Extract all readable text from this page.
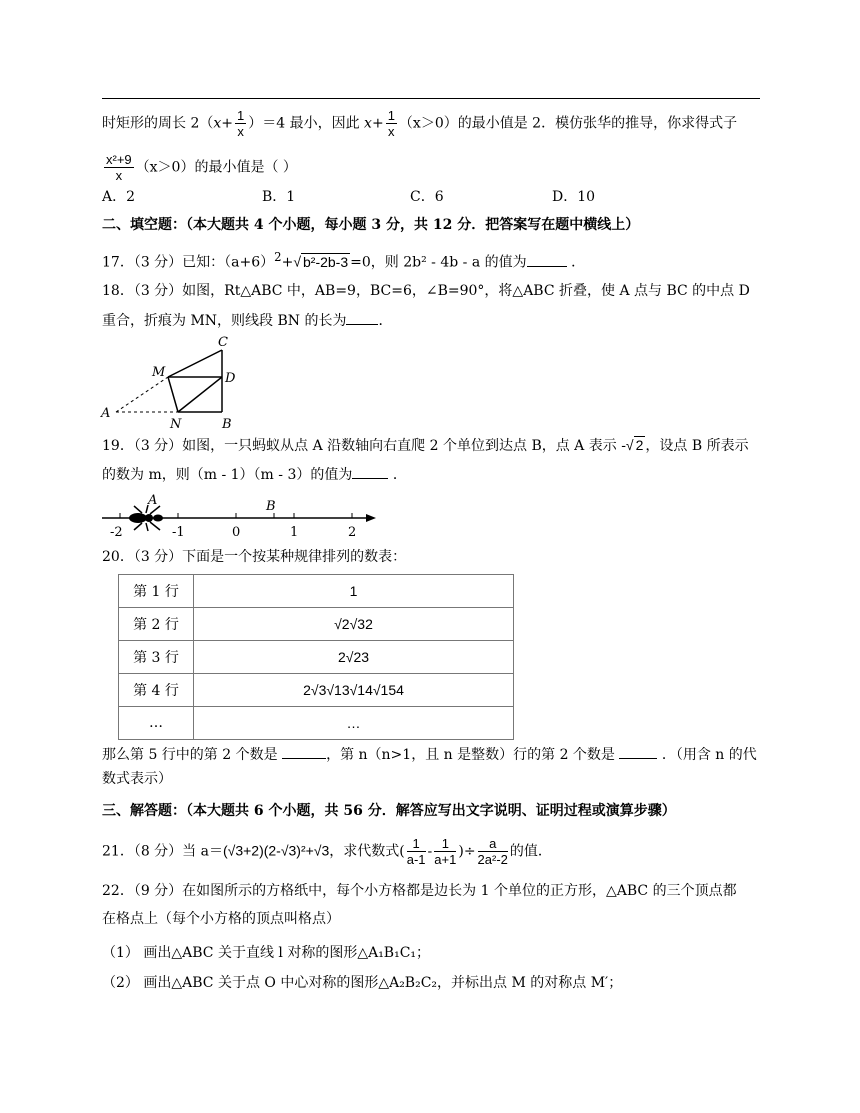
时矩形的周长 $2(x+ \frac{1}{x} )=4$ 最小，因此 $x+ \frac{1}{x} (x>0)$的最小值是 2．模仿张华的推导，你求得式子
$\frac{\text{x²+9}}{x} (x>0)$的最小值是（ ）
A．2	B．1	C．6	D．10
二、填空题：（本大题共 4 个小题，每小题 3 分，共 12 分．把答案写在题中横线上）
17．（3 分）已知：$(a+6)^2+√$ b²-2b-3 =0，则 2b² - 4b - a 的值为	．
18．（3 分）如图，Rt△ABC 中，AB=9，BC=6，∠B=90°，将△ABC 折叠，使 A 点与 BC 的中点 D
重合，折痕为 MN，则线段 BN 的长为 ．
C
M	D
A
N	B
19．（3 分）如图，一只蚂蚁从点 A 沿数轴向右直爬 2 个单位到达点 B，点 A 表示 -√ 2 ，设点 B 所表示
的数为 m，则（m - 1）（m - 3）的值为	．
A	B
-2	-1	0	1	2
20．（3 分）下面是一个按某种规律排列的数表：
第 1 行	1
第 2 行	√2√32
第 3 行	2√23
第 4 行	2√3√13√14√154
…	…
那么第 5 行中的第 2 个数是	，第 n（n>1，且 n 是整数）行的第 2 个数是	．（用含 n 的代
数式表示）
三、解答题：（本大题共 6 个小题，共 56 分．解答应写出文字说明、证明过程或演算步骤）
21．（8 分）当 a＝(√3+2)(2-√3)²+√3，求代数式( $\frac{1}{a-1} - \frac{1}{a+1}$ )÷ $\frac{a}{\text{2a²-2}}$ 的值．
22．（9 分）在如图所示的方格纸中，每个小方格都是边长为 1 个单位的正方形，△ABC 的三个顶点都
在格点上（每个小方格的顶点叫格点）
（1） 画出△ABC 关于直线 l 对称的图形△A₁B₁C₁；
（2） 画出△ABC 关于点 O 中心对称的图形△A₂B₂C₂，并标出点 M 的对称点 M′；
